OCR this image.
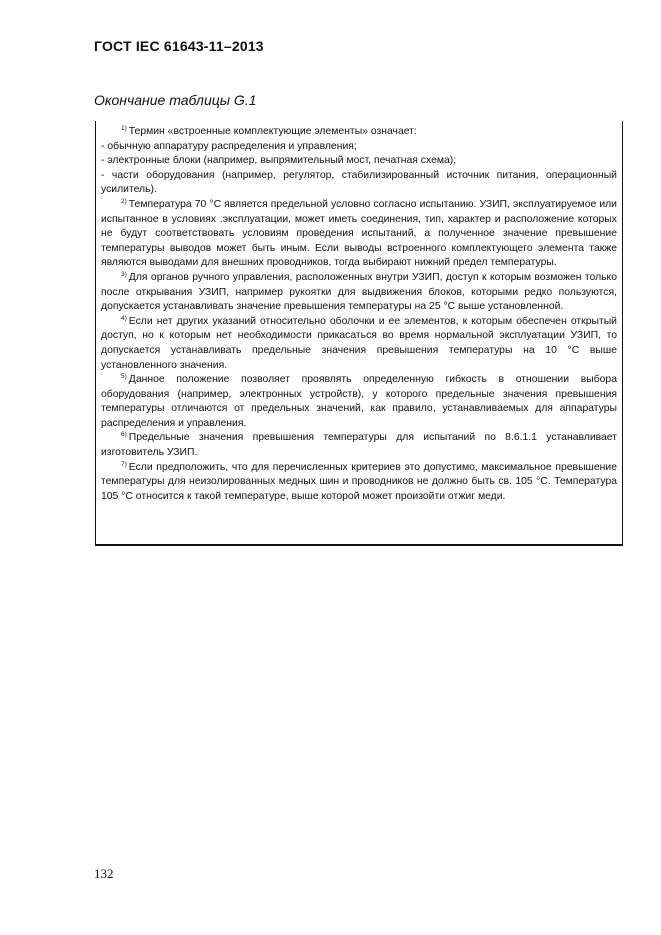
ГОСТ IEC 61643-11–2013
Окончание таблицы G.1

$^{1)}$ Термин «встроенные комплектующие элементы» означает:

- обычную аппаратуру распределения и управления;

- электронные блоки (например, выпрямительный мост, печатная схема);

- части оборудования (например, регулятор, стабилизированный источник питания, операционный усилитель).

$^{2)}$ Температура 70 °С является предельной условно согласно испытанию. УЗИП, эксплуатируемое или испытанное в условиях .эксплуатации, может иметь соединения, тип, характер и расположение которых не будут соответствовать условиям проведения испытаний, а полученное значение превышение температуры выводов может быть иным. Если выводы встроенного комплектующего элемента также являются выводами для внешних проводников, тогда выбирают нижний предел температуры.

$^{3)}$ Для органов ручного управления, расположенных внутри УЗИП, доступ к которым возможен только после открывания УЗИП, например рукоятки для выдвижения блоков, которыми редко пользуются, допускается устанавливать значение превышения температуры на 25 °С выше установленной.

$^{4)}$ Если нет других указаний относительно оболочки и ее элементов, к которым обеспечен открытый доступ, но к которым нет необходимости прикасаться во время нормальной эксплуатации УЗИП, то допускается устанавливать предельные значения превышения температуры на 10 °С выше установленного значения.

$^{5)}$ Данное положение позволяет проявлять определенную гибкость в отношении выбора оборудования (например, электронных устройств), у которого предельные значения превышения температуры отличаются от предельных значений, как правило, устанавливаемых для аппаратуры распределения и управления.

$^{6)}$ Предельные значения превышения температуры для испытаний по 8.6.1.1 устанавливает изготовитель УЗИП.

$^{7)}$ Если предположить, что для перечисленных критериев это допустимо, максимальное превышение температуры для неизолированных медных шин и проводников не должно быть св. 105 °С. Температура 105 °С относится к такой температуре, выше которой может произойти отжиг меди.

132
